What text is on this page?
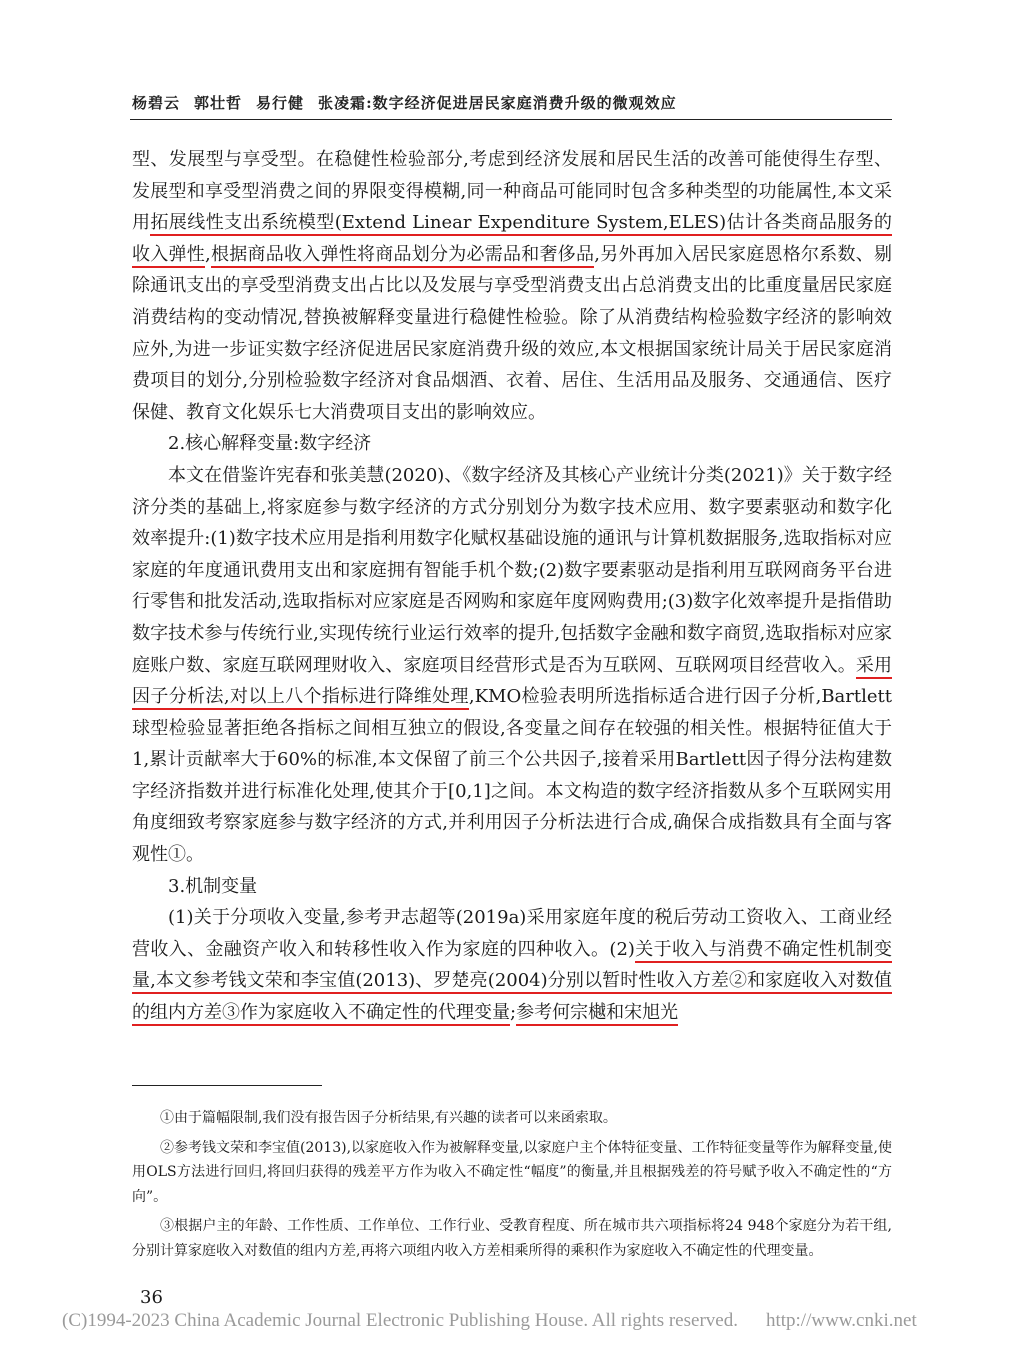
杨碧云 郭壮哲 易行健 张凌霜:数字经济促进居民家庭消费升级的微观效应

型、发展型与享受型。在稳健性检验部分,考虑到经济发展和居民生活的改善可能使得生存型、发展型和享受型消费之间的界限变得模糊,同一种商品可能同时包含多种类型的功能属性,本文采用拓展线性支出系统模型(Extend Linear Expenditure System,ELES)估计各类商品服务的收入弹性,根据商品收入弹性将商品划分为必需品和奢侈品,另外再加入居民家庭恩格尔系数、剔除通讯支出的享受型消费支出占比以及发展与享受型消费支出占总消费支出的比重度量居民家庭消费结构的变动情况,替换被解释变量进行稳健性检验。除了从消费结构检验数字经济的影响效应外,为进一步证实数字经济促进居民家庭消费升级的效应,本文根据国家统计局关于居民家庭消费项目的划分,分别检验数字经济对食品烟酒、衣着、居住、生活用品及服务、交通通信、医疗保健、教育文化娱乐七大消费项目支出的影响效应。

2.核心解释变量:数字经济

本文在借鉴许宪春和张美慧(2020)、《数字经济及其核心产业统计分类(2021)》关于数字经济分类的基础上,将家庭参与数字经济的方式分别划分为数字技术应用、数字要素驱动和数字化效率提升:(1)数字技术应用是指利用数字化赋权基础设施的通讯与计算机数据服务,选取指标对应家庭的年度通讯费用支出和家庭拥有智能手机个数;(2)数字要素驱动是指利用互联网商务平台进行零售和批发活动,选取指标对应家庭是否网购和家庭年度网购费用;(3)数字化效率提升是指借助数字技术参与传统行业,实现传统行业运行效率的提升,包括数字金融和数字商贸,选取指标对应家庭账户数、家庭互联网理财收入、家庭项目经营形式是否为互联网、互联网项目经营收入。采用因子分析法,对以上八个指标进行降维处理,KMO检验表明所选指标适合进行因子分析,Bartlett球型检验显著拒绝各指标之间相互独立的假设,各变量之间存在较强的相关性。根据特征值大于1,累计贡献率大于60%的标准,本文保留了前三个公共因子,接着采用Bartlett因子得分法构建数字经济指数并进行标准化处理,使其介于[0,1]之间。本文构造的数字经济指数从多个互联网实用角度细致考察家庭参与数字经济的方式,并利用因子分析法进行合成,确保合成指数具有全面与客观性①。

3.机制变量

(1)关于分项收入变量,参考尹志超等(2019a)采用家庭年度的税后劳动工资收入、工商业经营收入、金融资产收入和转移性收入作为家庭的四种收入。(2)关于收入与消费不确定性机制变量,本文参考钱文荣和李宝值(2013)、罗楚亮(2004)分别以暂时性收入方差②和家庭收入对数值的组内方差③作为家庭收入不确定性的代理变量;参考何宗樾和宋旭光

①由于篇幅限制,我们没有报告因子分析结果,有兴趣的读者可以来函索取。

②参考钱文荣和李宝值(2013),以家庭收入作为被解释变量,以家庭户主个体特征变量、工作特征变量等作为解释变量,使用OLS方法进行回归,将回归获得的残差平方作为收入不确定性“幅度”的衡量,并且根据残差的符号赋予收入不确定性的“方向”。

③根据户主的年龄、工作性质、工作单位、工作行业、受教育程度、所在城市共六项指标将24 948个家庭分为若干组,分别计算家庭收入对数值的组内方差,再将六项组内收入方差相乘所得的乘积作为家庭收入不确定性的代理变量。

36
(C)1994-2023 China Academic Journal Electronic Publishing House. All rights reserved. http://www.cnki.net
